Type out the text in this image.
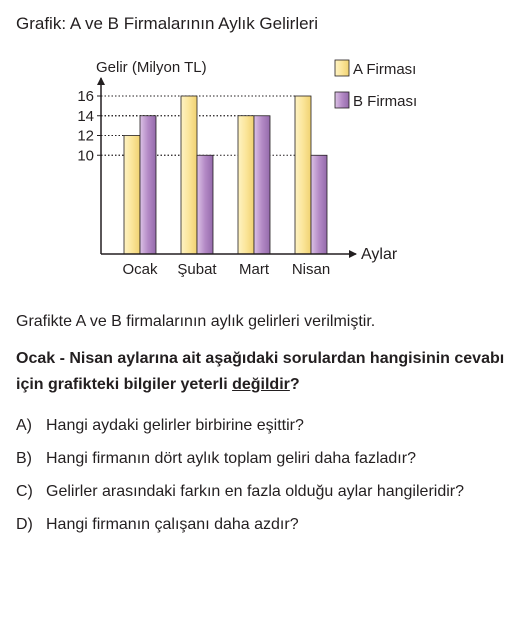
Grafik: A ve B Firmalarının Aylık Gelirleri
10
12
14
16
Gelir (Milyon TL)
Aylar
Ocak Şubat Mart Nisan
A Firması
B Firması
Grafikte A ve B firmalarının aylık gelirleri verilmiştir.
Ocak - Nisan aylarına ait aşağıdaki sorulardan hangisinin cevabı için grafikteki bilgiler yeterli değildir?
A) Hangi aydaki gelirler birbirine eşittir?
B) Hangi firmanın dört aylık toplam geliri daha fazladır?
C) Gelirler arasındaki farkın en fazla olduğu aylar hangileridir?
D) Hangi firmanın çalışanı daha azdır?
